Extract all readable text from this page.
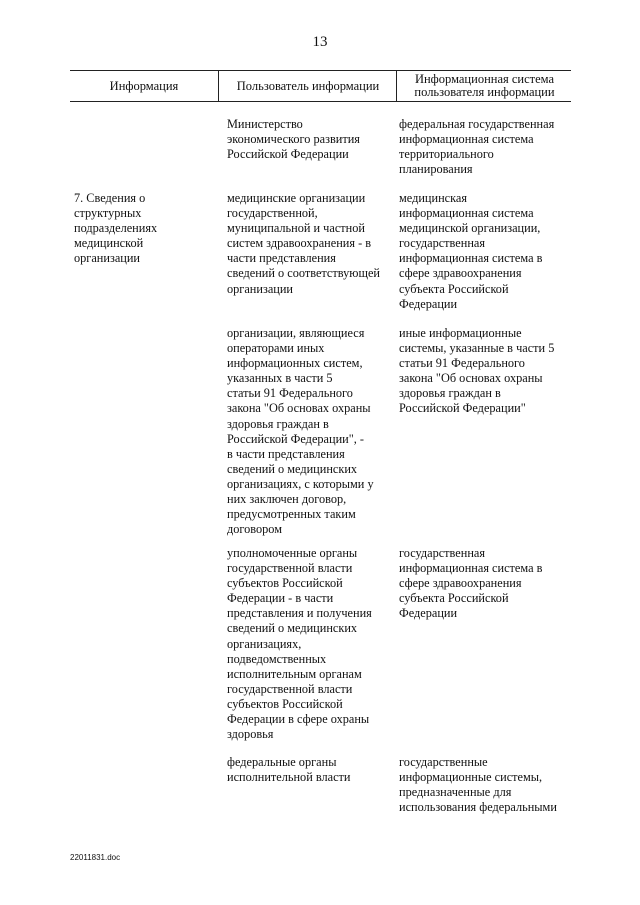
13
Информация	Пользователь информации	Информационная система
пользователя информации
Министерство
экономического развития
Российской Федерации
федеральная государственная
информационная система
территориального
планирования
7. Сведения о
структурных
подразделениях
медицинской
организации
медицинские организации
государственной,
муниципальной и частной
систем здравоохранения - в
части представления
сведений о соответствующей
организации
медицинская
информационная система
медицинской организации,
государственная
информационная система в
сфере здравоохранения
субъекта Российской
Федерации
организации, являющиеся
операторами иных
информационных систем,
указанных в части 5
статьи 91 Федерального
закона "Об основах охраны
здоровья граждан в
Российской Федерации", -
в части представления
сведений о медицинских
организациях, с которыми у
них заключен договор,
предусмотренных таким
договором
иные информационные
системы, указанные в части 5
статьи 91 Федерального
закона "Об основах охраны
здоровья граждан в
Российской Федерации"
уполномоченные органы
государственной власти
субъектов Российской
Федерации - в части
представления и получения
сведений о медицинских
организациях,
подведомственных
исполнительным органам
государственной власти
субъектов Российской
Федерации в сфере охраны
здоровья
государственная
информационная система в
сфере здравоохранения
субъекта Российской
Федерации
федеральные органы
исполнительной власти
государственные
информационные системы,
предназначенные для
использования федеральными
22011831.doc
